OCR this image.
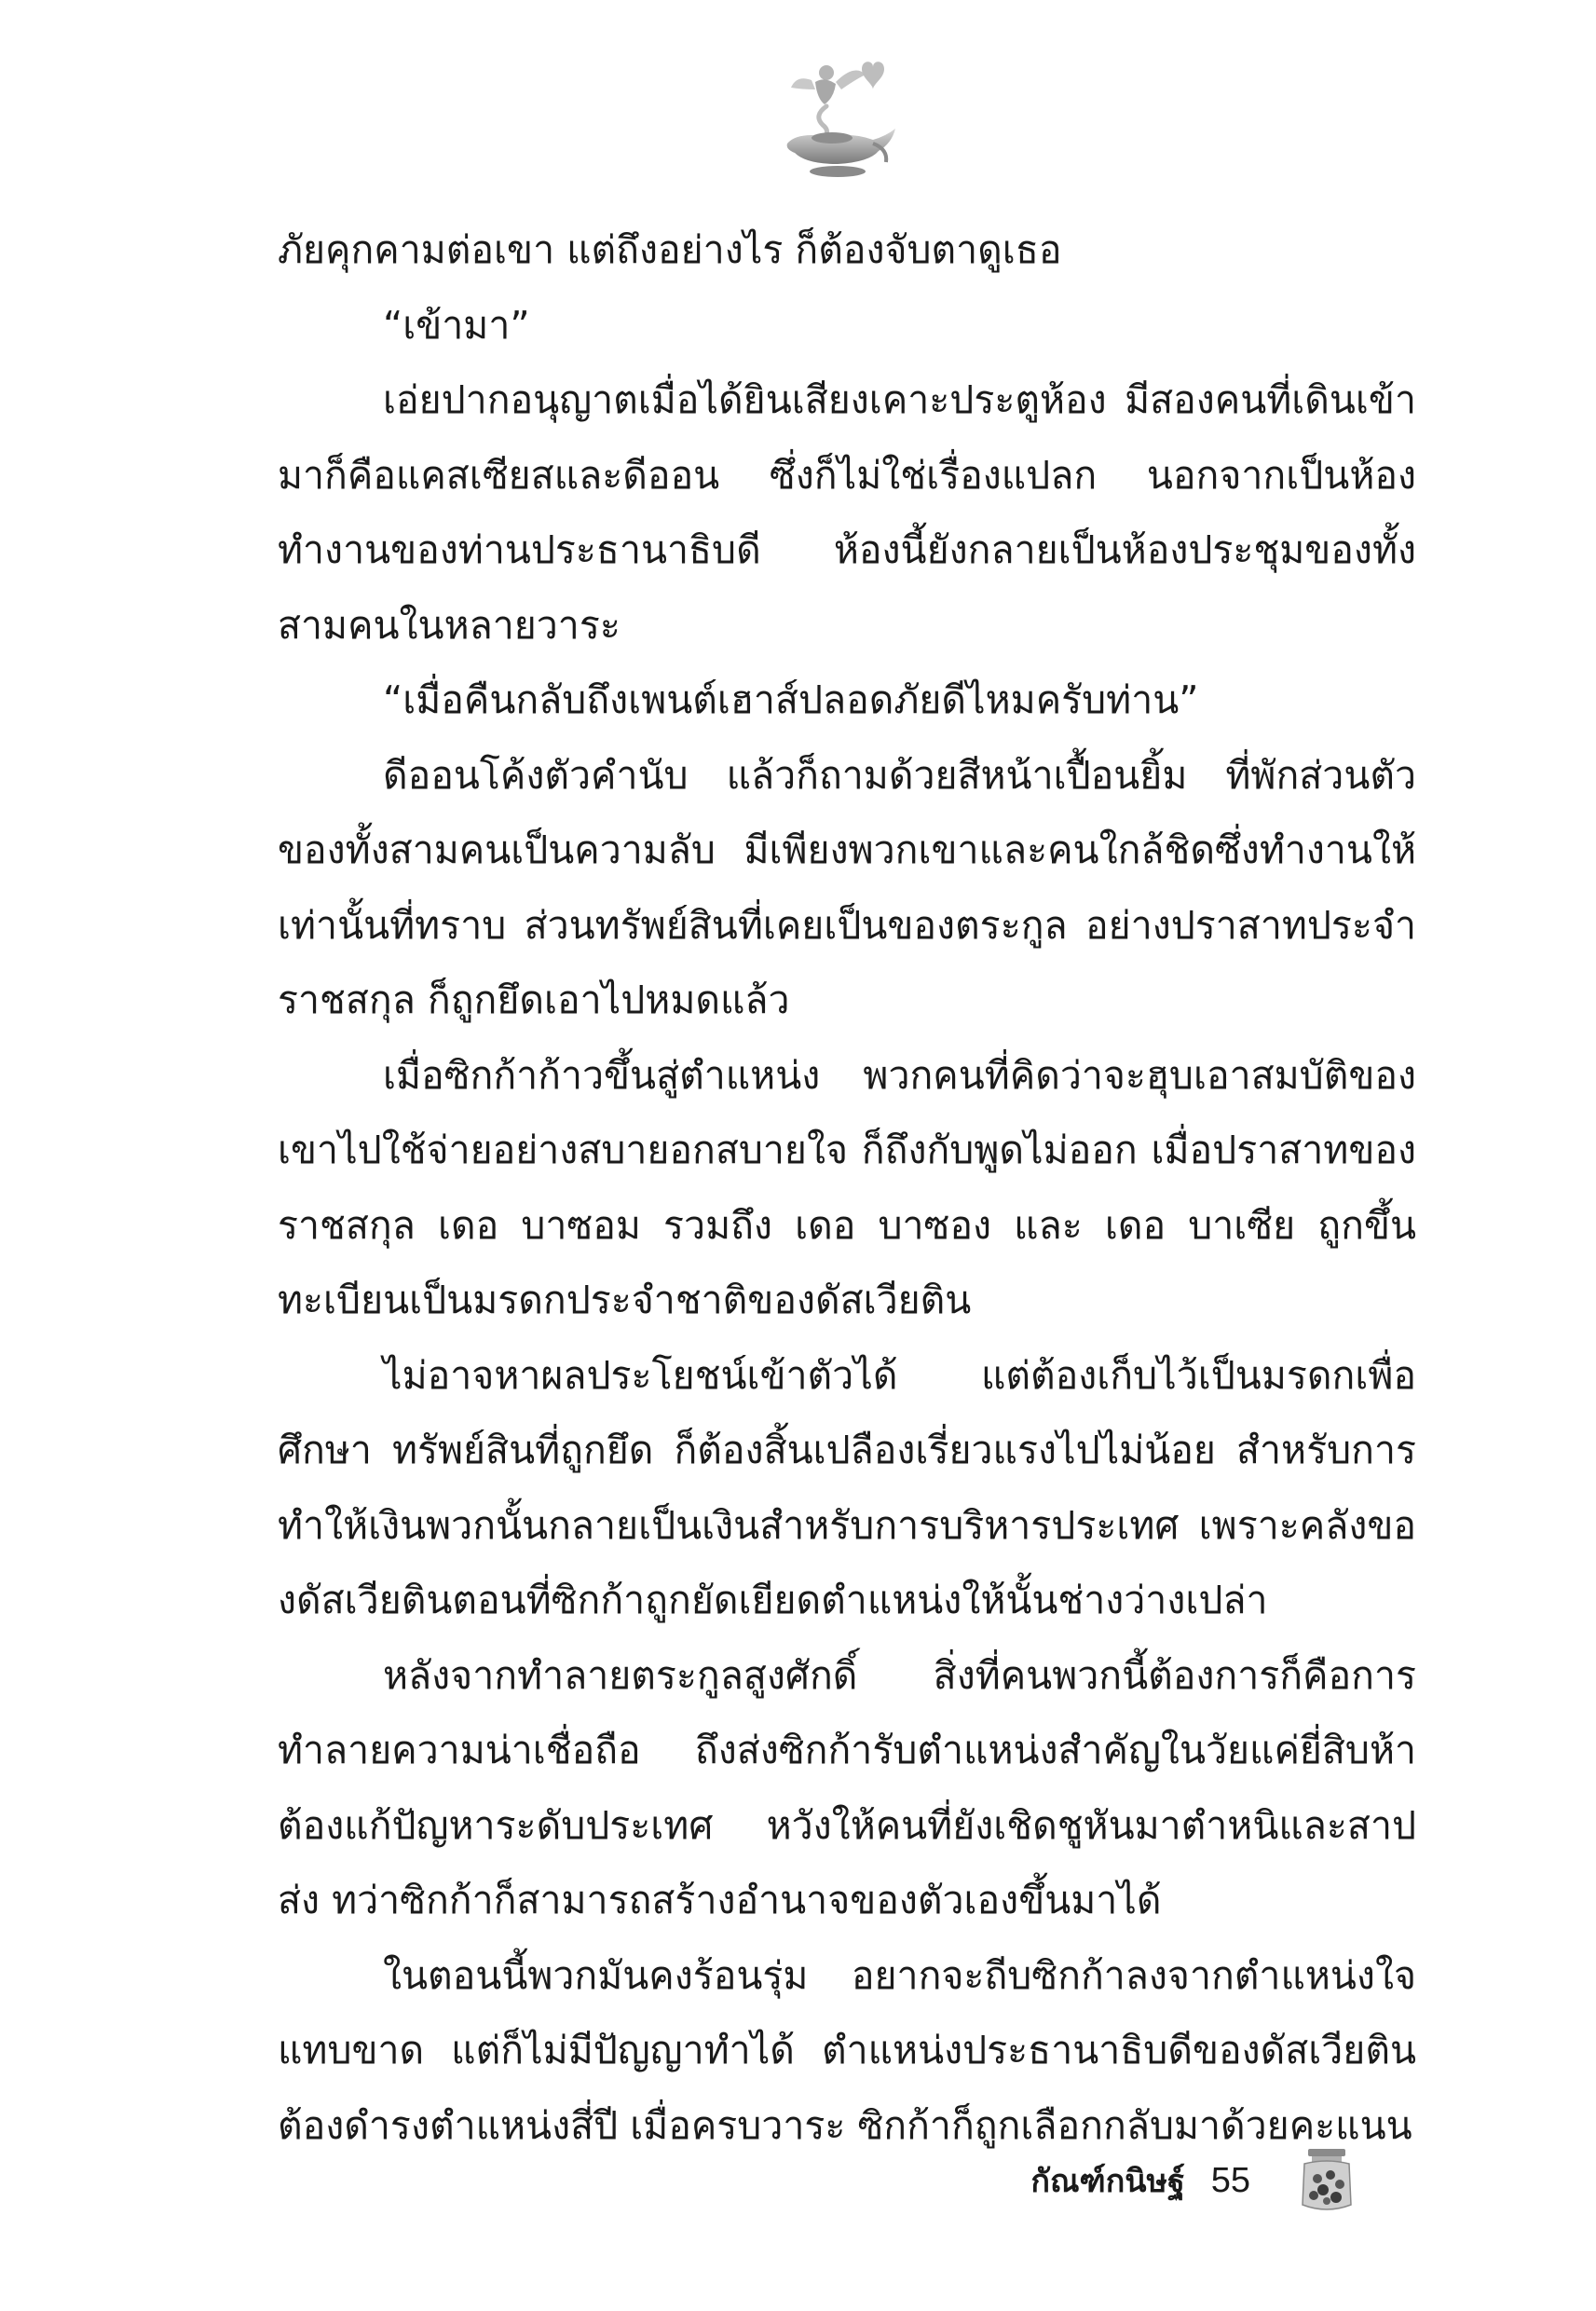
ภัยคุกคามต่อเขา แต่ถึงอย่างไร ก็ต้องจับตาดูเธอ

“เข้ามา”

เอ่ยปากอนุญาตเมื่อได้ยินเสียงเคาะประตูห้อง มีสองคนที่เดินเข้ามาก็คือแคสเซียสและดีออน ซึ่งก็ไม่ใช่เรื่องแปลก นอกจากเป็นห้องทำงานของท่านประธานาธิบดี ห้องนี้ยังกลายเป็นห้องประชุมของทั้งสามคนในหลายวาระ

“เมื่อคืนกลับถึงเพนต์เฮาส์ปลอดภัยดีไหมครับท่าน”

ดีออนโค้งตัวคำนับ แล้วก็ถามด้วยสีหน้าเปื้อนยิ้ม ที่พักส่วนตัวของทั้งสามคนเป็นความลับ มีเพียงพวกเขาและคนใกล้ชิดซึ่งทำงานให้เท่านั้นที่ทราบ ส่วนทรัพย์สินที่เคยเป็นของตระกูล อย่างปราสาทประจำราชสกุล ก็ถูกยึดเอาไปหมดแล้ว

เมื่อซิกก้าก้าวขึ้นสู่ตำแหน่ง พวกคนที่คิดว่าจะฮุบเอาสมบัติของเขาไปใช้จ่ายอย่างสบายอกสบายใจ ก็ถึงกับพูดไม่ออก เมื่อปราสาทของราชสกุล เดอ บาซอม รวมถึง เดอ บาซอง และ เดอ บาเซีย ถูกขึ้นทะเบียนเป็นมรดกประจำชาติของดัสเวียติน

ไม่อาจหาผลประโยชน์เข้าตัวได้ แต่ต้องเก็บไว้เป็นมรดกเพื่อศึกษา ทรัพย์สินที่ถูกยึด ก็ต้องสิ้นเปลืองเรี่ยวแรงไปไม่น้อย สำหรับการทำให้เงินพวกนั้นกลายเป็นเงินสำหรับการบริหารประเทศ เพราะคลังของดัสเวียตินตอนที่ซิกก้าถูกยัดเยียดตำแหน่งให้นั้นช่างว่างเปล่า

หลังจากทำลายตระกูลสูงศักดิ์ สิ่งที่คนพวกนี้ต้องการก็คือการทำลายความน่าเชื่อถือ ถึงส่งซิกก้ารับตำแหน่งสำคัญในวัยแค่ยี่สิบห้าต้องแก้ปัญหาระดับประเทศ หวังให้คนที่ยังเชิดชูหันมาตำหนิและสาปส่ง ทว่าซิกก้าก็สามารถสร้างอำนาจของตัวเองขึ้นมาได้

ในตอนนี้พวกมันคงร้อนรุ่ม อยากจะถีบซิกก้าลงจากตำแหน่งใจแทบขาด แต่ก็ไม่มีปัญญาทำได้ ตำแหน่งประธานาธิบดีของดัสเวียตินต้องดำรงตำแหน่งสี่ปี เมื่อครบวาระ ซิกก้าก็ถูกเลือกกลับมาด้วยคะแนน

กัณฑ์กนิษฐ์ 55
